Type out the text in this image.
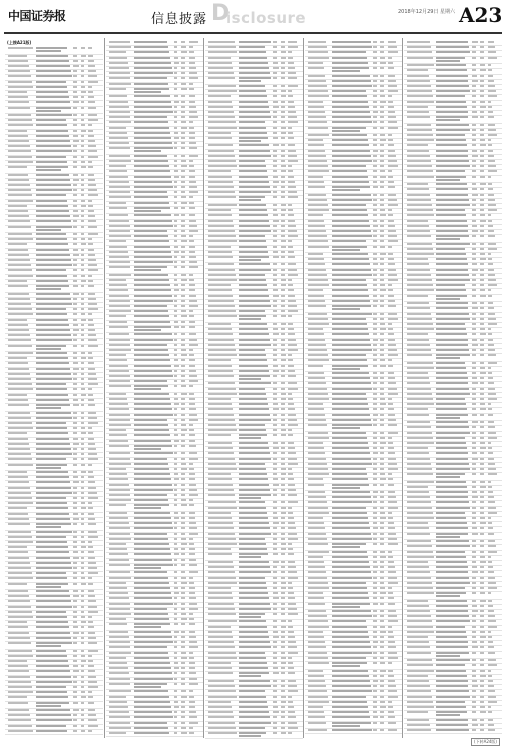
中国证券报	信息披露 D
isclosure	2018年12月29日 星期六 A23
(上接A21版)
(下转A24版)
